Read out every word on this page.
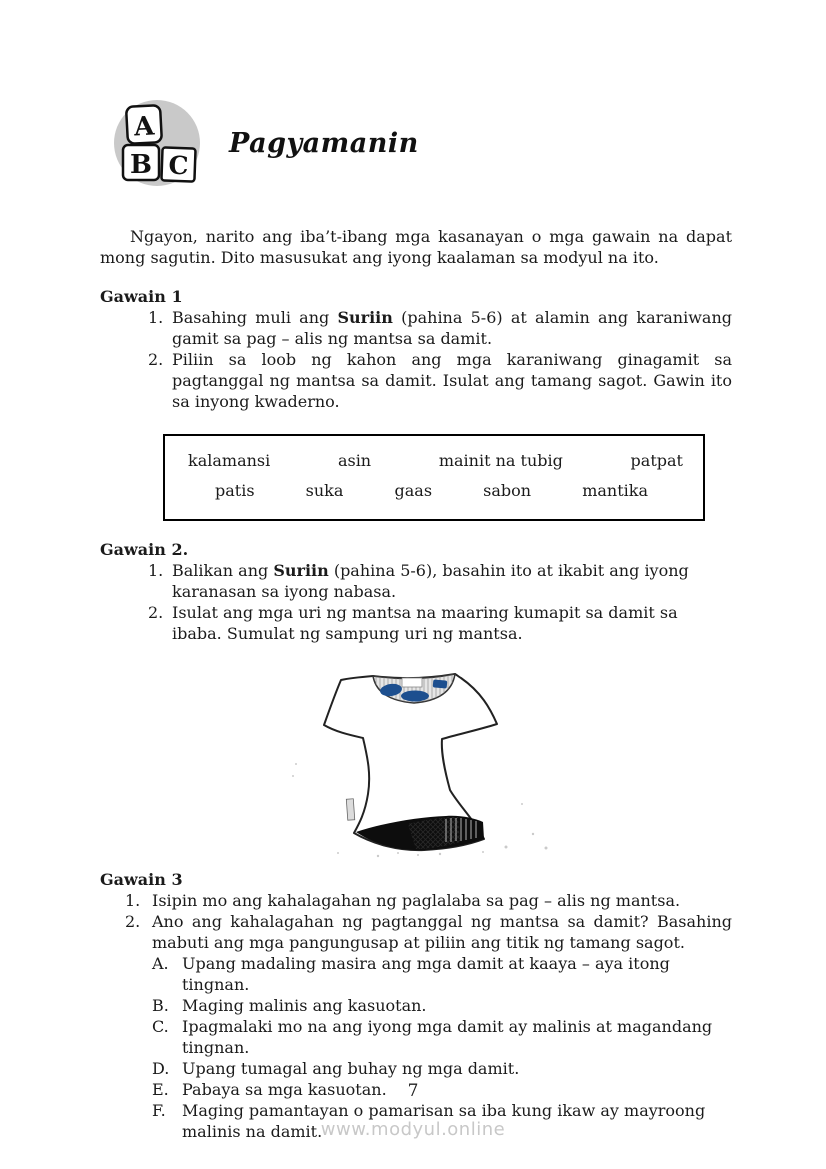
A
B C
Pagyamanin

Ngayon, narito ang iba’t-ibang mga kasanayan o mga gawain na dapat mong sagutin. Dito masusukat ang iyong kaalaman sa modyul na ito.

Gawain 1
1. Basahing muli ang Suriin (pahina 5-6) at alamin ang karaniwang gamit sa pag – alis ng mantsa sa damit.
2. Piliin sa loob ng kahon ang mga karaniwang ginagamit sa pagtanggal ng mantsa sa damit. Isulat ang tamang sagot. Gawin ito sa inyong kwaderno.
kalamansi	asin	mainit na tubig	patpat
patis	suka	gaas	sabon	mantika
Gawain 2.
1. Balikan ang Suriin (pahina 5-6), basahin ito at ikabit ang iyong karanasan sa iyong nabasa.
2. Isulat ang mga uri ng mantsa na maaring kumapit sa damit sa ibaba. Sumulat ng sampung uri ng mantsa.
Gawain 3
1. Isipin mo ang kahalagahan ng paglalaba sa pag – alis ng mantsa.
2. Ano ang kahalagahan ng pagtanggal ng mantsa sa damit? Basahing mabuti ang mga pangungusap at piliin ang titik ng tamang sagot.
A. Upang madaling masira ang mga damit at kaaya – aya itong tingnan.
B. Maging malinis ang kasuotan.
C. Ipagmalaki mo na ang iyong mga damit ay malinis at magandang tingnan.
D. Upang tumagal ang buhay ng mga damit.
E. Pabaya sa mga kasuotan.
F. Maging pamantayan o pamarisan sa iba kung ikaw ay mayroong malinis na damit.
7
www.modyul.online
